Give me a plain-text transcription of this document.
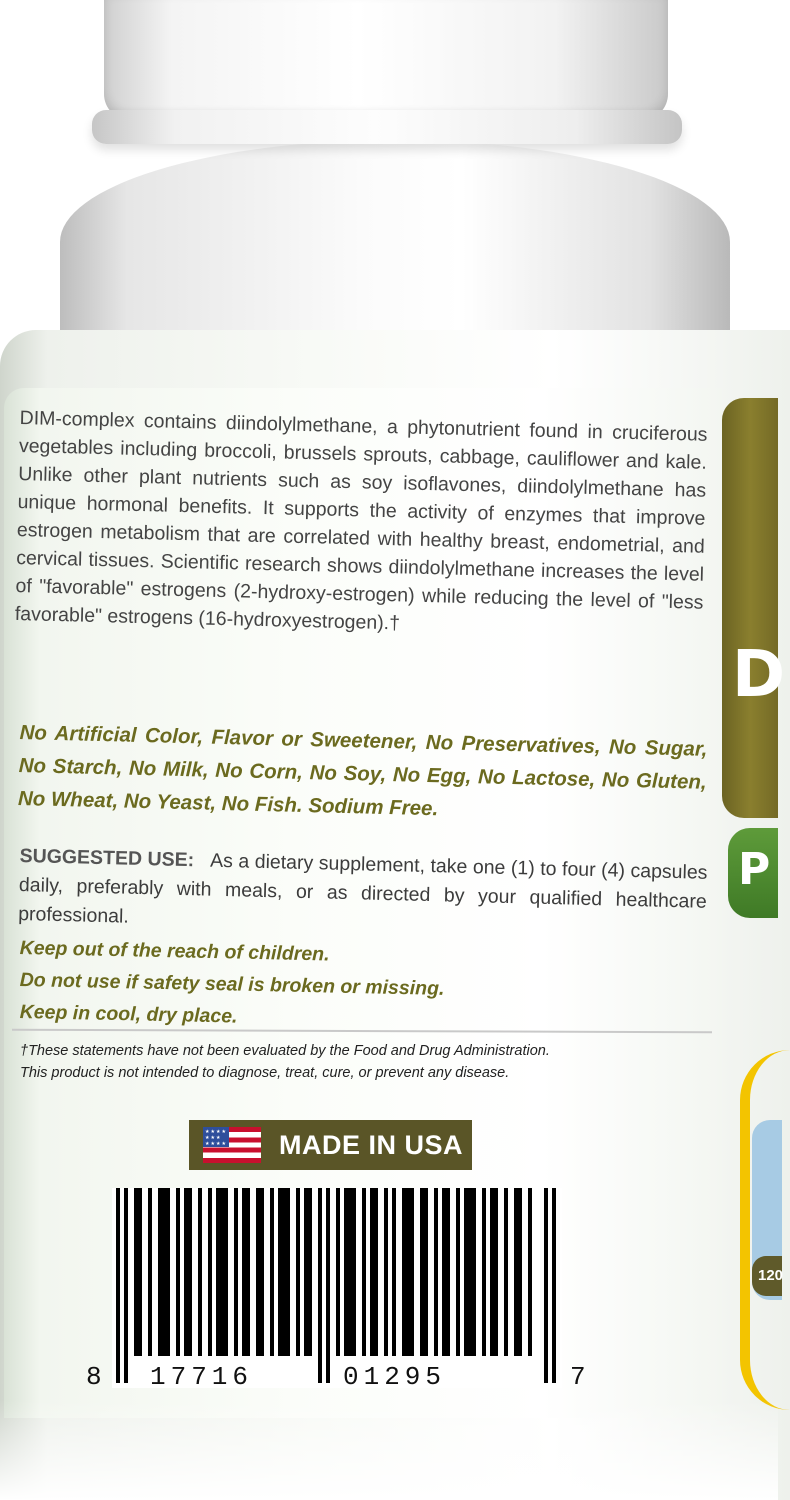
D
P
120
DIM-complex contains diindolylmethane, a phytonutrient found in cruciferous vegetables including broccoli, brussels sprouts, cabbage, cauliflower and kale. Unlike other plant nutrients such as soy isoflavones, diindolylmethane has unique hormonal benefits. It supports the activity of enzymes that improve estrogen metabolism that are correlated with healthy breast, endometrial, and cervical tissues. Scientific research shows diindolylmethane increases the level of "favorable" estrogens (2-hydroxy-estrogen) while reducing the level of "less favorable" estrogens (16-hydroxyestrogen).†
No Artificial Color, Flavor or Sweetener, No Preservatives, No Sugar, No Starch, No Milk, No Corn, No Soy, No Egg, No Lactose, No Gluten, No Wheat, No Yeast, No Fish. Sodium Free.
SUGGESTED USE: As a dietary supplement, take one (1) to four (4) capsules daily, preferably with meals, or as directed by your qualified healthcare professional.
Keep out of the reach of children.
Do not use if safety seal is broken or missing.
Keep in cool, dry place.
†These statements have not been evaluated by the Food and Drug Administration.
This product is not intended to diagnose, treat, cure, or prevent any disease.
★★★★
★★★
★★★★ MADE IN USA
8 17716	01295	7
